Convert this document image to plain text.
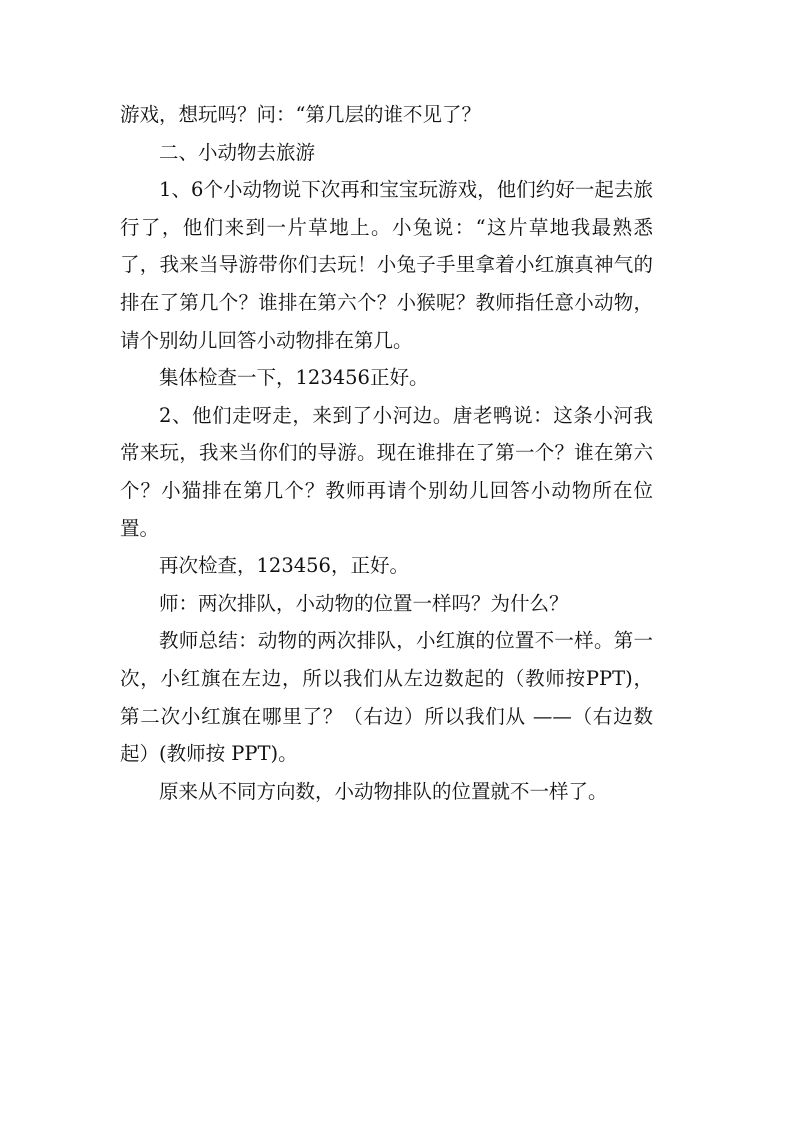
游戏，想玩吗？问：“第几层的谁不见了？

二、小动物去旅游

1、6个小动物说下次再和宝宝玩游戏，他们约好一起去旅行了，他们来到一片草地上。小兔说：“这片草地我最熟悉了，我来当导游带你们去玩！小兔子手里拿着小红旗真神气的排在了第几个？谁排在第六个？小猴呢？教师指任意小动物，请个别幼儿回答小动物排在第几。

集体检查一下，123456正好。

2、他们走呀走，来到了小河边。唐老鸭说：这条小河我常来玩，我来当你们的导游。现在谁排在了第一个？谁在第六个？小猫排在第几个？教师再请个别幼儿回答小动物所在位置。

再次检查，123456，正好。

师：两次排队，小动物的位置一样吗？为什么？

教师总结：动物的两次排队，小红旗的位置不一样。第一次，小红旗在左边，所以我们从左边数起的（教师按PPT)，第二次小红旗在哪里了？（右边）所以我们从 ——（右边数起）(教师按 PPT)。

原来从不同方向数，小动物排队的位置就不一样了。
